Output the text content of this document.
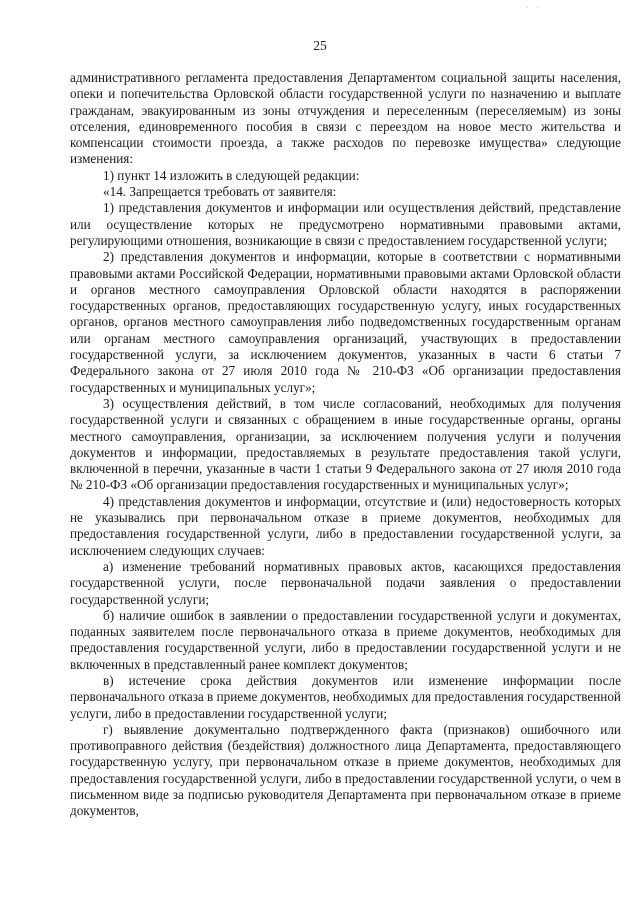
. .
25

административного регламента предоставления Департаментом социальной защиты населения, опеки и попечительства Орловской области государственной услуги по назначению и выплате гражданам, эвакуированным из зоны отчуждения и переселенным (переселяемым) из зоны отселения, единовременного пособия в связи с переездом на новое место жительства и компенсации стоимости проезда, а также расходов по перевозке имущества» следующие изменения:

1) пункт 14 изложить в следующей редакции:

«14. Запрещается требовать от заявителя:

1) представления документов и информации или осуществления действий, представление или осуществление которых не предусмотрено нормативными правовыми актами, регулирующими отношения, возникающие в связи с предоставлением государственной услуги;

2) представления документов и информации, которые в соответствии с нормативными правовыми актами Российской Федерации, нормативными правовыми актами Орловской области и органов местного самоуправления Орловской области находятся в распоряжении государственных органов, предоставляющих государственную услугу, иных государственных органов, органов местного самоуправления либо подведомственных государственным органам или органам местного самоуправления организаций, участвующих в предоставлении государственной услуги, за исключением документов, указанных в части 6 статьи 7 Федерального закона от 27 июля 2010 года № 210-ФЗ «Об организации предоставления государственных и муниципальных услуг»;

3) осуществления действий, в том числе согласований, необходимых для получения государственной услуги и связанных с обращением в иные государственные органы, органы местного самоуправления, организации, за исключением получения услуги и получения документов и информации, предоставляемых в результате предоставления такой услуги, включенной в перечни, указанные в части 1 статьи 9 Федерального закона от 27 июля 2010 года № 210-ФЗ «Об организации предоставления государственных и муниципальных услуг»;

4) представления документов и информации, отсутствие и (или) недостоверность которых не указывались при первоначальном отказе в приеме документов, необходимых для предоставления государственной услуги, либо в предоставлении государственной услуги, за исключением следующих случаев:

а) изменение требований нормативных правовых актов, касающихся предоставления государственной услуги, после первоначальной подачи заявления о предоставлении государственной услуги;

б) наличие ошибок в заявлении о предоставлении государственной услуги и документах, поданных заявителем после первоначального отказа в приеме документов, необходимых для предоставления государственной услуги, либо в предоставлении государственной услуги и не включенных в представленный ранее комплект документов;

в) истечение срока действия документов или изменение информации после первоначального отказа в приеме документов, необходимых для предоставления государственной услуги, либо в предоставлении государственной услуги;

г) выявление документально подтвержденного факта (признаков) ошибочного или противоправного действия (бездействия) должностного лица Департамента, предоставляющего государственную услугу, при первоначальном отказе в приеме документов, необходимых для предоставления государственной услуги, либо в предоставлении государственной услуги, о чем в письменном виде за подписью руководителя Департамента при первоначальном отказе в приеме документов,
